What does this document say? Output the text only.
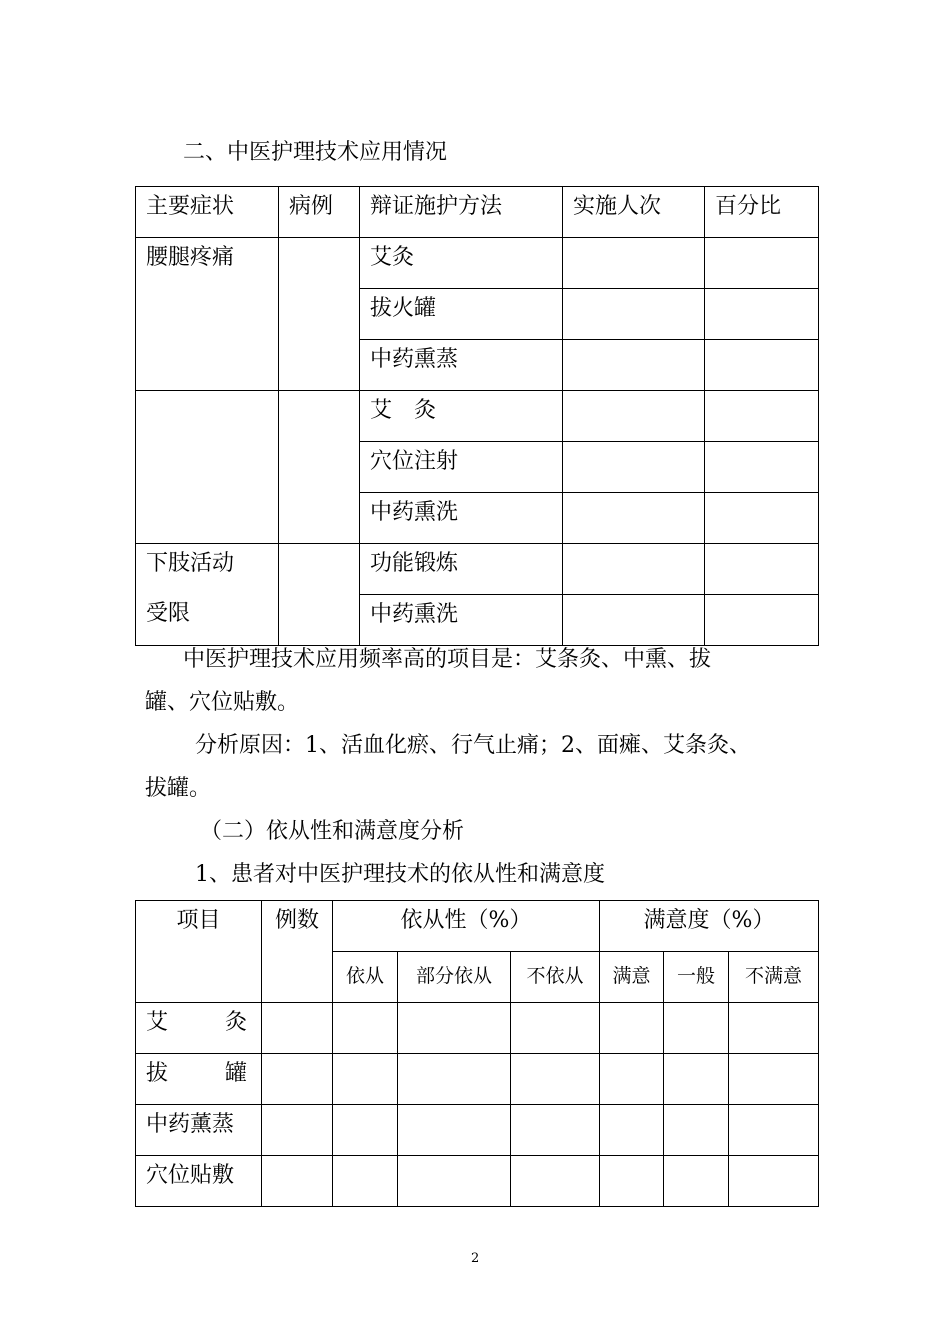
二、中医护理技术应用情况
主要症状	病例	辩证施护方法	实施人次	百分比
腰腿疼痛		艾灸		
		拔火罐		
		中药熏蒸		
		艾　灸		
		穴位注射		
		中药熏洗		

下肢活动
受限		功能锻炼		
		中药熏洗		
中医护理技术应用频率高的项目是：艾条灸、中熏、拔
罐、穴位贴敷。
分析原因：1、活血化瘀、行气止痛；2、面瘫、艾条灸、
拔罐。
（二）依从性和满意度分析
1、患者对中医护理技术的依从性和满意度
项目	例数	依从性（%）			满意度（%）		
		依从	部分依从	不依从	满意	一般	不满意

艾 灸							

拔 罐							

中药薰蒸							
穴位贴敷							
2
